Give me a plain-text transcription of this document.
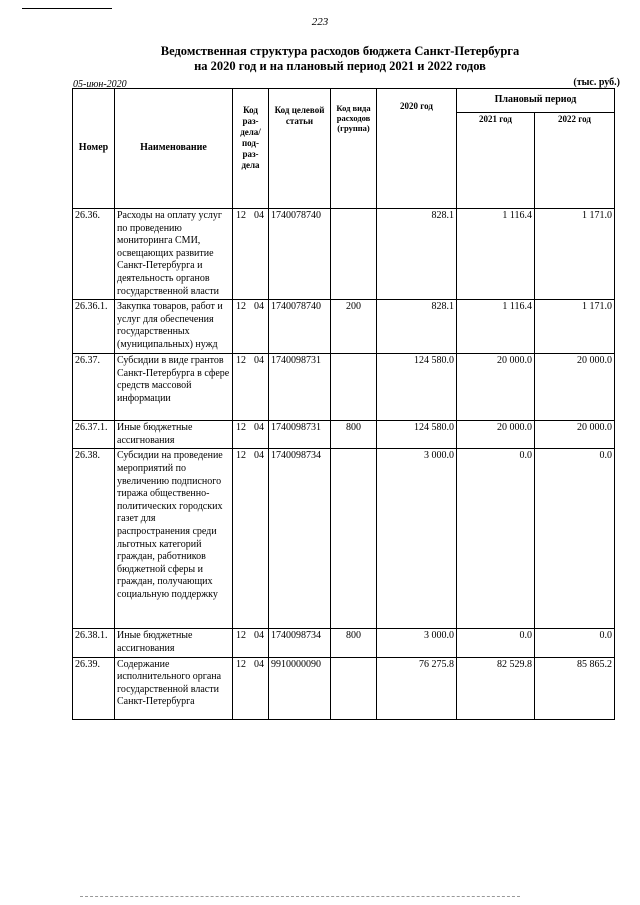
223
Ведомственная структура расходов бюджета Санкт-Петербурга
на 2020 год и на плановый период 2021 и 2022 годов
05-июн-2020	(тыс. руб.)
Номер	Наименование	Код раз-дела/ под-раз-дела	Код целевой статьи	Код вида расходов (группа)	2020 год	Плановый период	
						2021 год	2022 год
26.36.	Расходы на оплату услуг по проведению мониторинга СМИ, освещающих развитие Санкт-Петербурга и деятельность органов государственной власти	12 04	1740078740		828.1	1 116.4	1 171.0
26.36.1.	Закупка товаров, работ и услуг для обеспечения государственных (муниципальных) нужд	12 04	1740078740	200	828.1	1 116.4	1 171.0
26.37.	Субсидии в виде грантов Санкт-Петербурга в сфере средств массовой информации	12 04	1740098731		124 580.0	20 000.0	20 000.0
26.37.1.	Иные бюджетные ассигнования	12 04	1740098731	800	124 580.0	20 000.0	20 000.0
26.38.	Субсидии на проведение мероприятий по увеличению подписного тиража общественно-политических городских газет для распространения среди льготных категорий граждан, работников бюджетной сферы и граждан, получающих социальную поддержку	12 04	1740098734		3 000.0	0.0	0.0
26.38.1.	Иные бюджетные ассигнования	12 04	1740098734	800	3 000.0	0.0	0.0
26.39.	Содержание исполнительного органа государственной власти Санкт-Петербурга	12 04	9910000090		76 275.8	82 529.8	85 865.2
